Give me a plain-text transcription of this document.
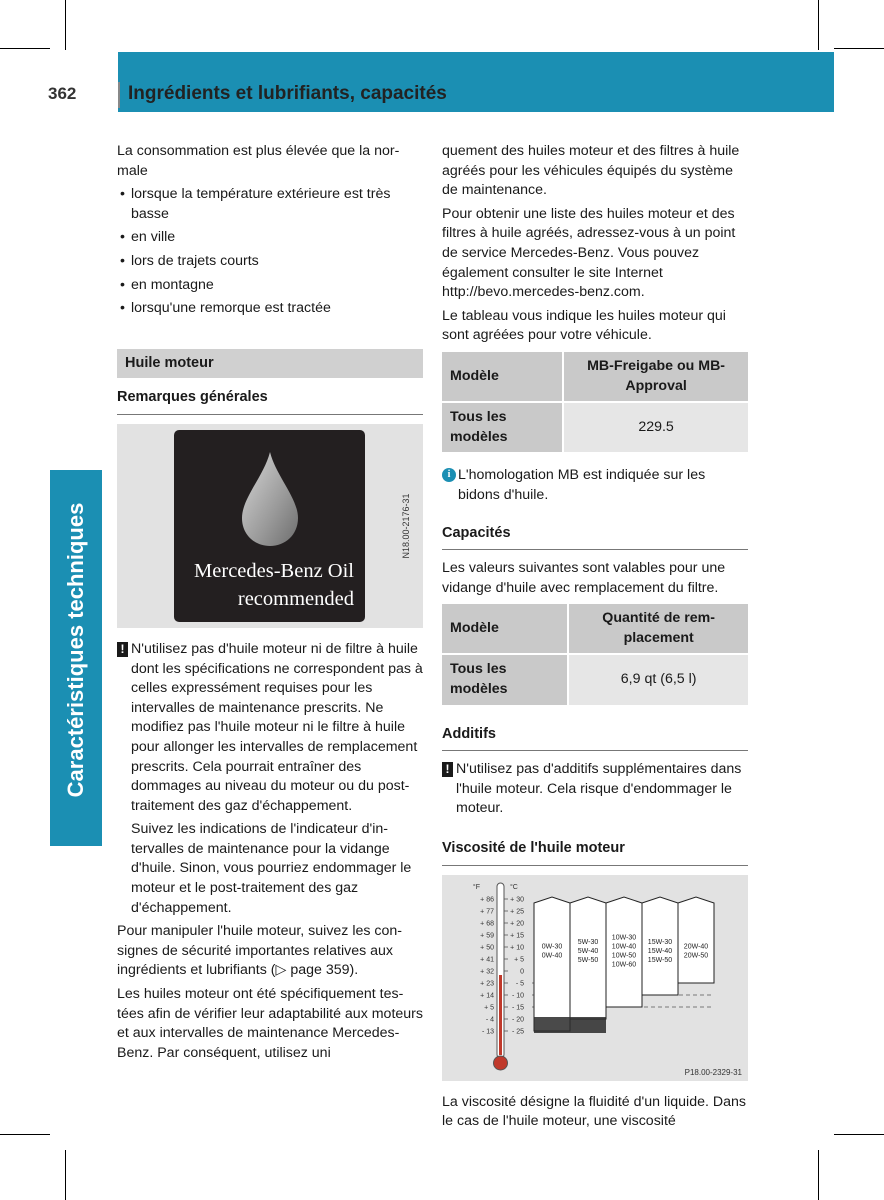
362	Ingrédients et lubrifiants, capacités
Caractéristiques techniques
La consommation est plus élevée que la normale
• lorsque la température extérieure est très basse
• en ville
• lors de trajets courts
• en montagne
• lorsqu'une remorque est tractée
Huile moteur
Remarques générales
Mercedes-Benz Oil
recommended
N18.00-2176-31
! N'utilisez pas d'huile moteur ni de filtre à huile dont les spécifications ne correspondent pas à celles expressément requises pour les intervalles de maintenance prescrits. Ne modifiez pas l'huile moteur ni le filtre à huile pour allonger les intervalles de remplacement prescrits. Cela pourrait entraîner des dommages au niveau du moteur ou du post-traitement des gaz d'échappement.
Suivez les indications de l'indicateur d'intervalles de maintenance pour la vidange d'huile. Sinon, vous pourriez endommager le moteur et le post-traitement des gaz d'échappement.
Pour manipuler l'huile moteur, suivez les consignes de sécurité importantes relatives aux ingrédients et lubrifiants (▷ page 359).
Les huiles moteur ont été spécifiquement testées afin de vérifier leur adaptabilité aux moteurs et aux intervalles de maintenance Mercedes-Benz. Par conséquent, utilisez uni
quement des huiles moteur et des filtres à huile agréés pour les véhicules équipés du système de maintenance.
Pour obtenir une liste des huiles moteur et des filtres à huile agréés, adressez-vous à un point de service Mercedes-Benz. Vous pouvez également consulter le site Internet http://bevo.mercedes-benz.com.
Le tableau vous indique les huiles moteur qui sont agréées pour votre véhicule.
Modèle	MB-Freigabe ou MB-Approval
Tous les modèles	229.5
i L'homologation MB est indiquée sur les bidons d'huile.
Capacités
Les valeurs suivantes sont valables pour une vidange d'huile avec remplacement du filtre.
Modèle	Quantité de remplacement
Tous les modèles	6,9 qt (6,5 l)
Additifs
! N'utilisez pas d'additifs supplémentaires dans l'huile moteur. Cela risque d'endommager le moteur.
Viscosité de l'huile moteur
°F	°C
+ 86
+ 77
+ 68
+ 59
+ 50
+ 41
+ 32
+ 23
+ 14
+ 5
- 4
- 13
+ 30
+ 25
+ 20
+ 15
+ 10
+ 5
0
- 5
- 10
- 15
- 20
- 25
0W-30
0W-40
5W-30
5W-40
5W-50
10W-30
10W-40
10W-50
10W-60
15W-30
15W-40
15W-50
20W-40
20W-50
P18.00-2329-31
La viscosité désigne la fluidité d'un liquide. Dans le cas de l'huile moteur, une viscosité
